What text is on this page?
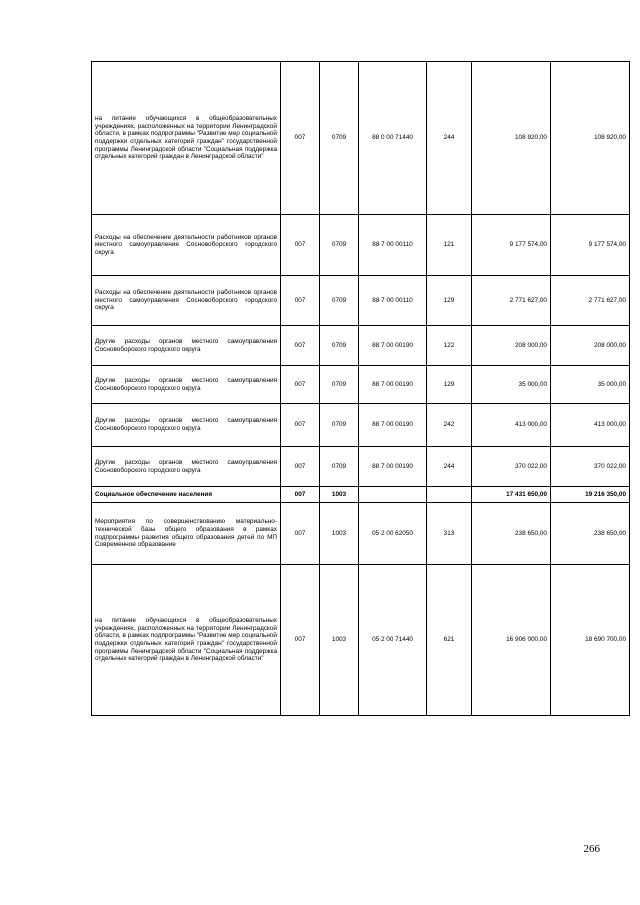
на питание обучающихся в общеобразовательных учреждениях, расположенных на территории Ленинградской области, в рамках подпрограммы "Развитие мер социальной поддержки отдельных категорий граждан" государственной программы Ленинградской области "Социальная поддержка отдельных категорий граждан в Ленинградской области"	007	0709	88 0 00 71440	244	108 920,00	108 920,00
Расходы на обеспечение деятельности работников органов местного самоуправления Сосновоборского городского округа	007	0709	88 7 00 00110	121	9 177 574,00	9 177 574,00
Расходы на обеспечение деятельности работников органов местного самоуправления Сосновоборского городского округа	007	0709	88 7 00 00110	129	2 771 627,00	2 771 627,00
Другие расходы органов местного самоуправления Сосновоборского городского округа	007	0709	88 7 00 00190	122	208 000,00	208 000,00
Другие расходы органов местного самоуправления Сосновоборского городского округа	007	0709	88 7 00 00190	129	35 000,00	35 000,00
Другие расходы органов местного самоуправления Сосновоборского городского округа	007	0709	88 7 00 00190	242	413 000,00	413 000,00
Другие расходы органов местного самоуправления Сосновоборского городского округа	007	0709	88 7 00 00190	244	370 022,00	370 022,00
Социальное обеспечение населения	007	1003			17 431 650,00	19 216 350,00
Мероприятия по совершенствованию материально-технической базы общего образования в рамках подпрограммы развития общего образования детей по МП Современное образование	007	1003	05 2 00 62050	313	238 650,00	238 650,00
на питание обучающихся в общеобразовательных учреждениях, расположенных на территории Ленинградской области, в рамках подпрограммы "Развитие мер социальной поддержки отдельных категорий граждан" государственной программы Ленинградской области "Социальная поддержка отдельных категорий граждан в Ленинградской области"	007	1003	05 2 00 71440	621	16 906 000,00	18 690 700,00
266
